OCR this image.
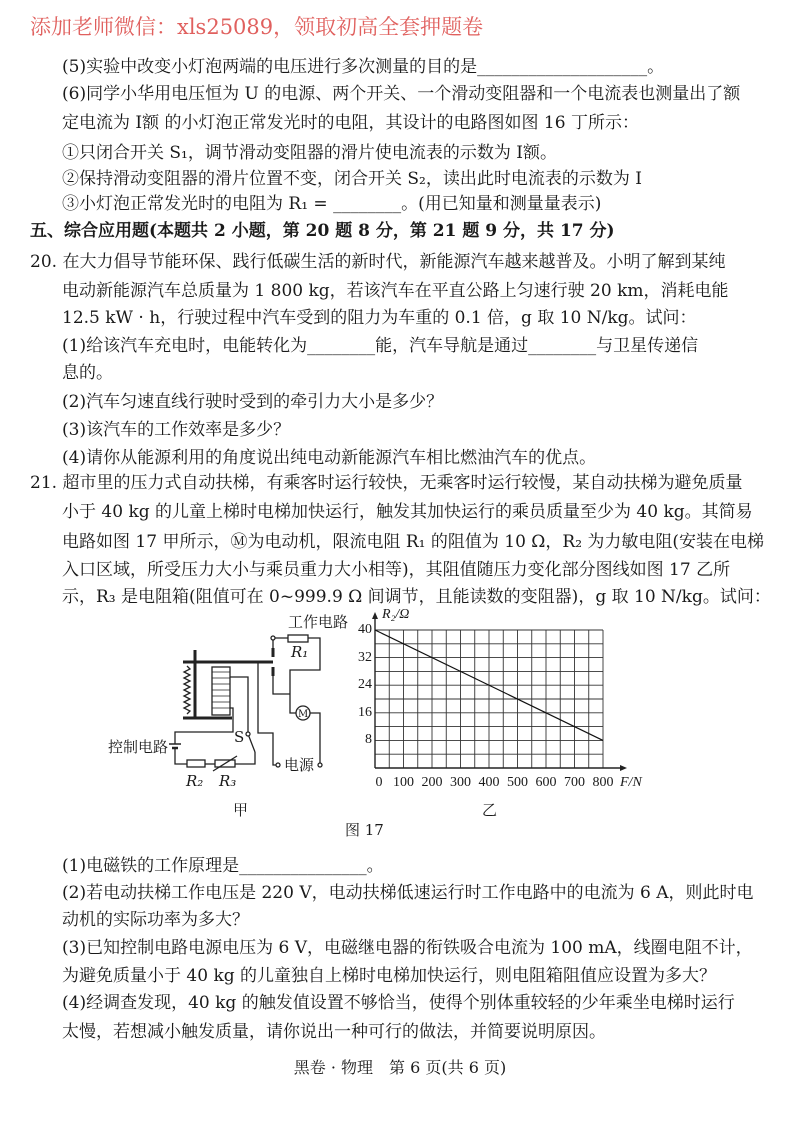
添加老师微信：xls25089，领取初高全套押题卷
(5)实验中改变小灯泡两端的电压进行多次测量的目的是____________________。
(6)同学小华用电压恒为 U 的电源、两个开关、一个滑动变阻器和一个电流表也测量出了额
定电流为 I额 的小灯泡正常发光时的电阻，其设计的电路图如图 16 丁所示：
①只闭合开关 S₁，调节滑动变阻器的滑片使电流表的示数为 I额。
②保持滑动变阻器的滑片位置不变，闭合开关 S₂，读出此时电流表的示数为 I
③小灯泡正常发光时的电阻为 R₁ = ________。(用已知量和测量量表示)
五、综合应用题(本题共 2 小题，第 20 题 8 分，第 21 题 9 分，共 17 分)
20. 在大力倡导节能环保、践行低碳生活的新时代，新能源汽车越来越普及。小明了解到某纯
电动新能源汽车总质量为 1 800 kg，若该汽车在平直公路上匀速行驶 20 km，消耗电能
12.5 kW · h，行驶过程中汽车受到的阻力为车重的 0.1 倍，g 取 10 N/kg。试问：
(1)给该汽车充电时，电能转化为________能，汽车导航是通过________与卫星传递信
息的。
(2)汽车匀速直线行驶时受到的牵引力大小是多少？
(3)该汽车的工作效率是多少？
(4)请你从能源利用的角度说出纯电动新能源汽车相比燃油汽车的优点。
21. 超市里的压力式自动扶梯，有乘客时运行较快，无乘客时运行较慢，某自动扶梯为避免质量
小于 40 kg 的儿童上梯时电梯加快运行，触发其加快运行的乘员质量至少为 40 kg。其简易
电路如图 17 甲所示，Ⓜ为电动机，限流电阻 R₁ 的阻值为 10 Ω，R₂ 为力敏电阻(安装在电梯
入口区域，所受压力大小与乘员重力大小相等)，其阻值随压力变化部分图线如图 17 乙所
示，R₃ 是电阻箱(阻值可在 0~999.9 Ω 间调节，且能读数的变阻器)，g 取 10 N/kg。试问：
工作电路
控制电路
电源
S
R₁
R₂ R₃
甲	乙
图 17
M
R₂/Ω
F/N
0 100 200 300 400 500 600 700 800
8
16
24
32
40
(1)电磁铁的工作原理是_______________。
(2)若电动扶梯工作电压是 220 V，电动扶梯低速运行时工作电路中的电流为 6 A，则此时电
动机的实际功率为多大？
(3)已知控制电路电源电压为 6 V，电磁继电器的衔铁吸合电流为 100 mA，线圈电阻不计，
为避免质量小于 40 kg 的儿童独自上梯时电梯加快运行，则电阻箱阻值应设置为多大？
(4)经调查发现，40 kg 的触发值设置不够恰当，使得个别体重较轻的少年乘坐电梯时运行
太慢，若想减小触发质量，请你说出一种可行的做法，并简要说明原因。
黑卷 · 物理　第 6 页(共 6 页)
